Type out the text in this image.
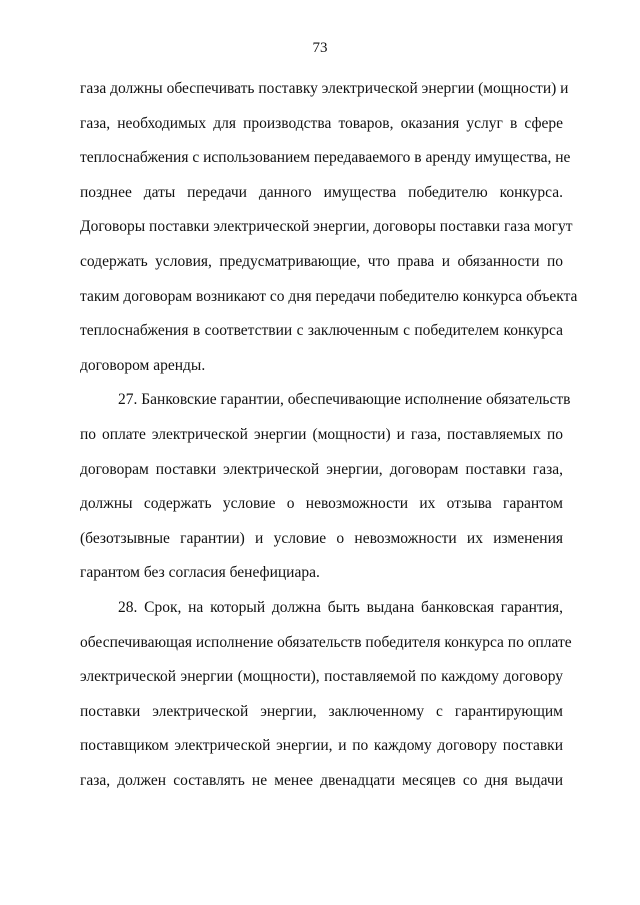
73
газа должны обеспечивать поставку электрической энергии (мощности) и
газа, необходимых для производства товаров, оказания услуг в сфере
теплоснабжения с использованием передаваемого в аренду имущества, не
позднее даты передачи данного имущества победителю конкурса.
Договоры поставки электрической энергии, договоры поставки газа могут
содержать условия, предусматривающие, что права и обязанности по
таким договорам возникают со дня передачи победителю конкурса объекта
теплоснабжения в соответствии с заключенным с победителем конкурса
договором аренды.
27. Банковские гарантии, обеспечивающие исполнение обязательств
по оплате электрической энергии (мощности) и газа, поставляемых по
договорам поставки электрической энергии, договорам поставки газа,
должны содержать условие о невозможности их отзыва гарантом
(безотзывные гарантии) и условие о невозможности их изменения
гарантом без согласия бенефициара.
28. Срок, на который должна быть выдана банковская гарантия,
обеспечивающая исполнение обязательств победителя конкурса по оплате
электрической энергии (мощности), поставляемой по каждому договору
поставки электрической энергии, заключенному с гарантирующим
поставщиком электрической энергии, и по каждому договору поставки
газа, должен составлять не менее двенадцати месяцев со дня выдачи
